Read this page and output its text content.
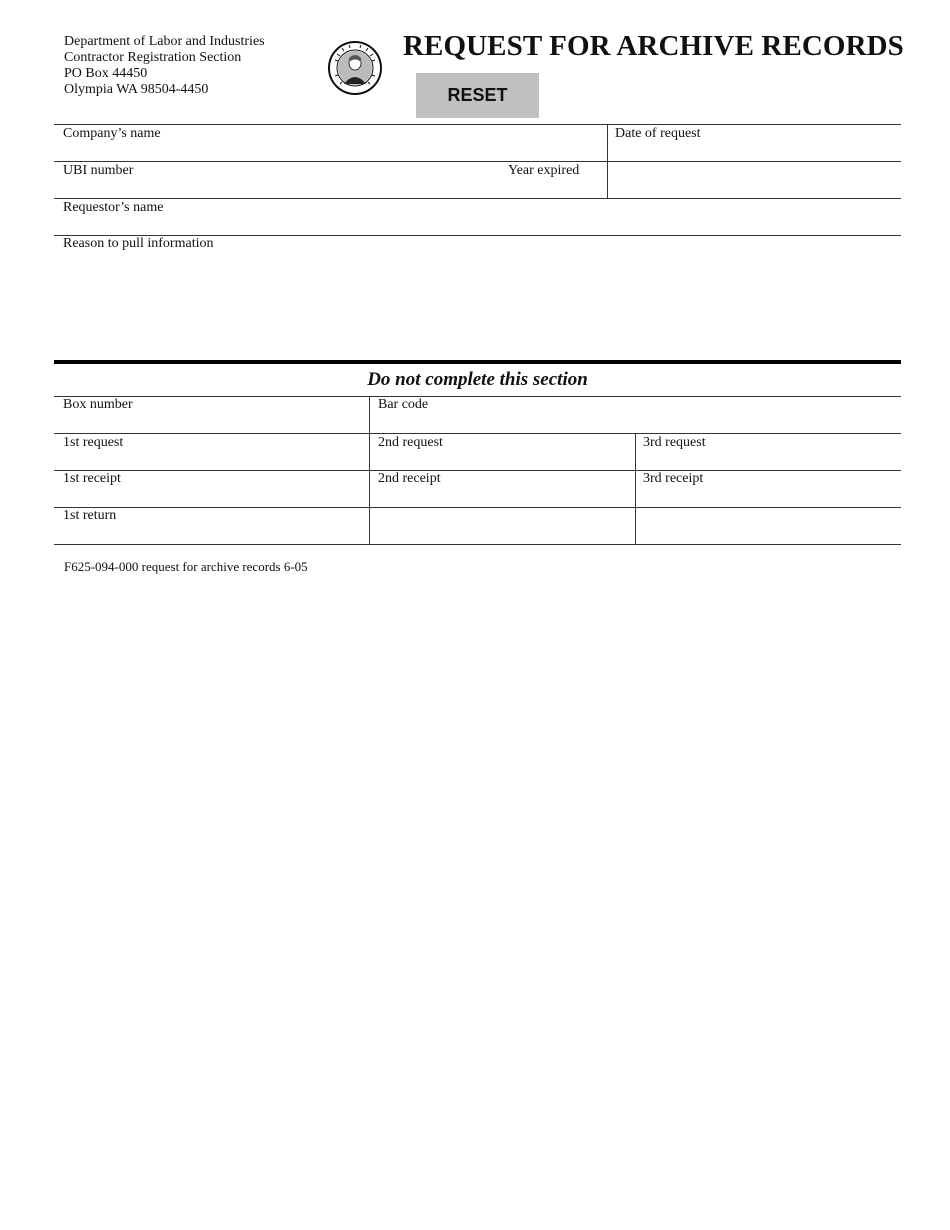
Department of Labor and Industries
Contractor Registration Section
PO Box 44450
Olympia WA 98504-4450
REQUEST FOR ARCHIVE RECORDS
RESET
Company’s name	Date of request
UBI number	Year expired
Requestor’s name
Reason to pull information
Do not complete this section
Box number	Bar code
1st request	2nd request	3rd request
1st receipt	2nd receipt	3rd receipt
1st return
F625-094-000 request for archive records 6-05
